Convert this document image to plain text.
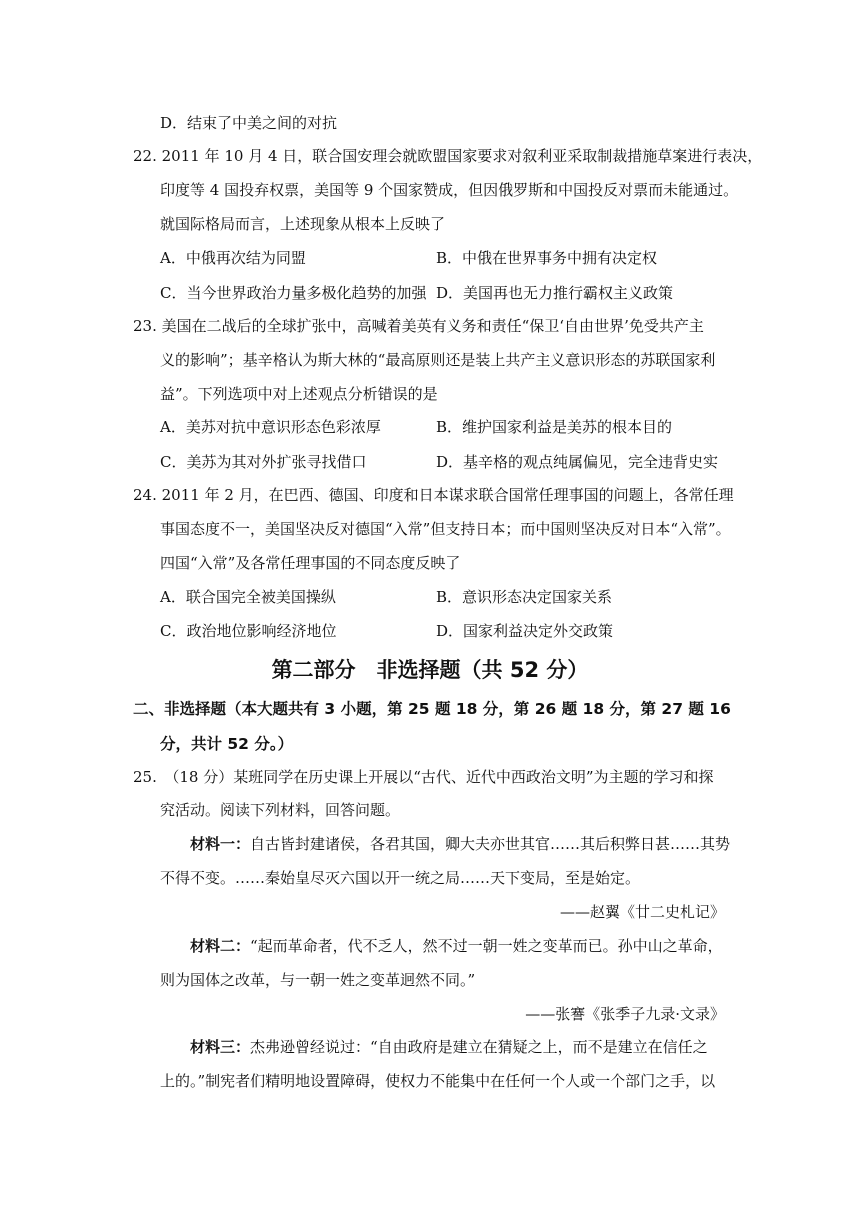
D．结束了中美之间的对抗
22. 2011 年 10 月 4 日，联合国安理会就欧盟国家要求对叙利亚采取制裁措施草案进行表决，
印度等 4 国投弃权票，美国等 9 个国家赞成，但因俄罗斯和中国投反对票而未能通过。
就国际格局而言，上述现象从根本上反映了
A．中俄再次结为同盟	B．中俄在世界事务中拥有决定权
C．当今世界政治力量多极化趋势的加强 D．美国再也无力推行霸权主义政策
23. 美国在二战后的全球扩张中，高喊着美英有义务和责任“保卫‘自由世界’免受共产主
义的影响”；基辛格认为斯大林的“最高原则还是装上共产主义意识形态的苏联国家利
益”。下列选项中对上述观点分析错误的是
A．美苏对抗中意识形态色彩浓厚	B．维护国家利益是美苏的根本目的
C．美苏为其对外扩张寻找借口	D．基辛格的观点纯属偏见，完全违背史实
24. 2011 年 2 月，在巴西、德国、印度和日本谋求联合国常任理事国的问题上，各常任理
事国态度不一，美国坚决反对德国“入常”但支持日本；而中国则坚决反对日本“入常”。
四国“入常”及各常任理事国的不同态度反映了
A．联合国完全被美国操纵	B．意识形态决定国家关系
C．政治地位影响经济地位	D．国家利益决定外交政策
第二部分　非选择题（共 52 分）
二、非选择题（本大题共有 3 小题，第 25 题 18 分，第 26 题 18 分，第 27 题 16
分，共计 52 分。）
25.　（18 分）某班同学在历史课上开展以“古代、近代中西政治文明”为主题的学习和探
究活动。阅读下列材料，回答问题。
材料一：自古皆封建诸侯，各君其国，卿大夫亦世其官……其后积弊日甚……其势
不得不变。……秦始皇尽灭六国以开一统之局……天下变局，至是始定。
——赵翼《廿二史札记》
材料二：“起而革命者，代不乏人，然不过一朝一姓之变革而已。孙中山之革命，
则为国体之改革，与一朝一姓之变革迥然不同。”
——张謇《张季子九录·文录》
材料三：杰弗逊曾经说过：“自由政府是建立在猜疑之上，而不是建立在信任之
上的。”制宪者们精明地设置障碍，使权力不能集中在任何一个人或一个部门之手，以
